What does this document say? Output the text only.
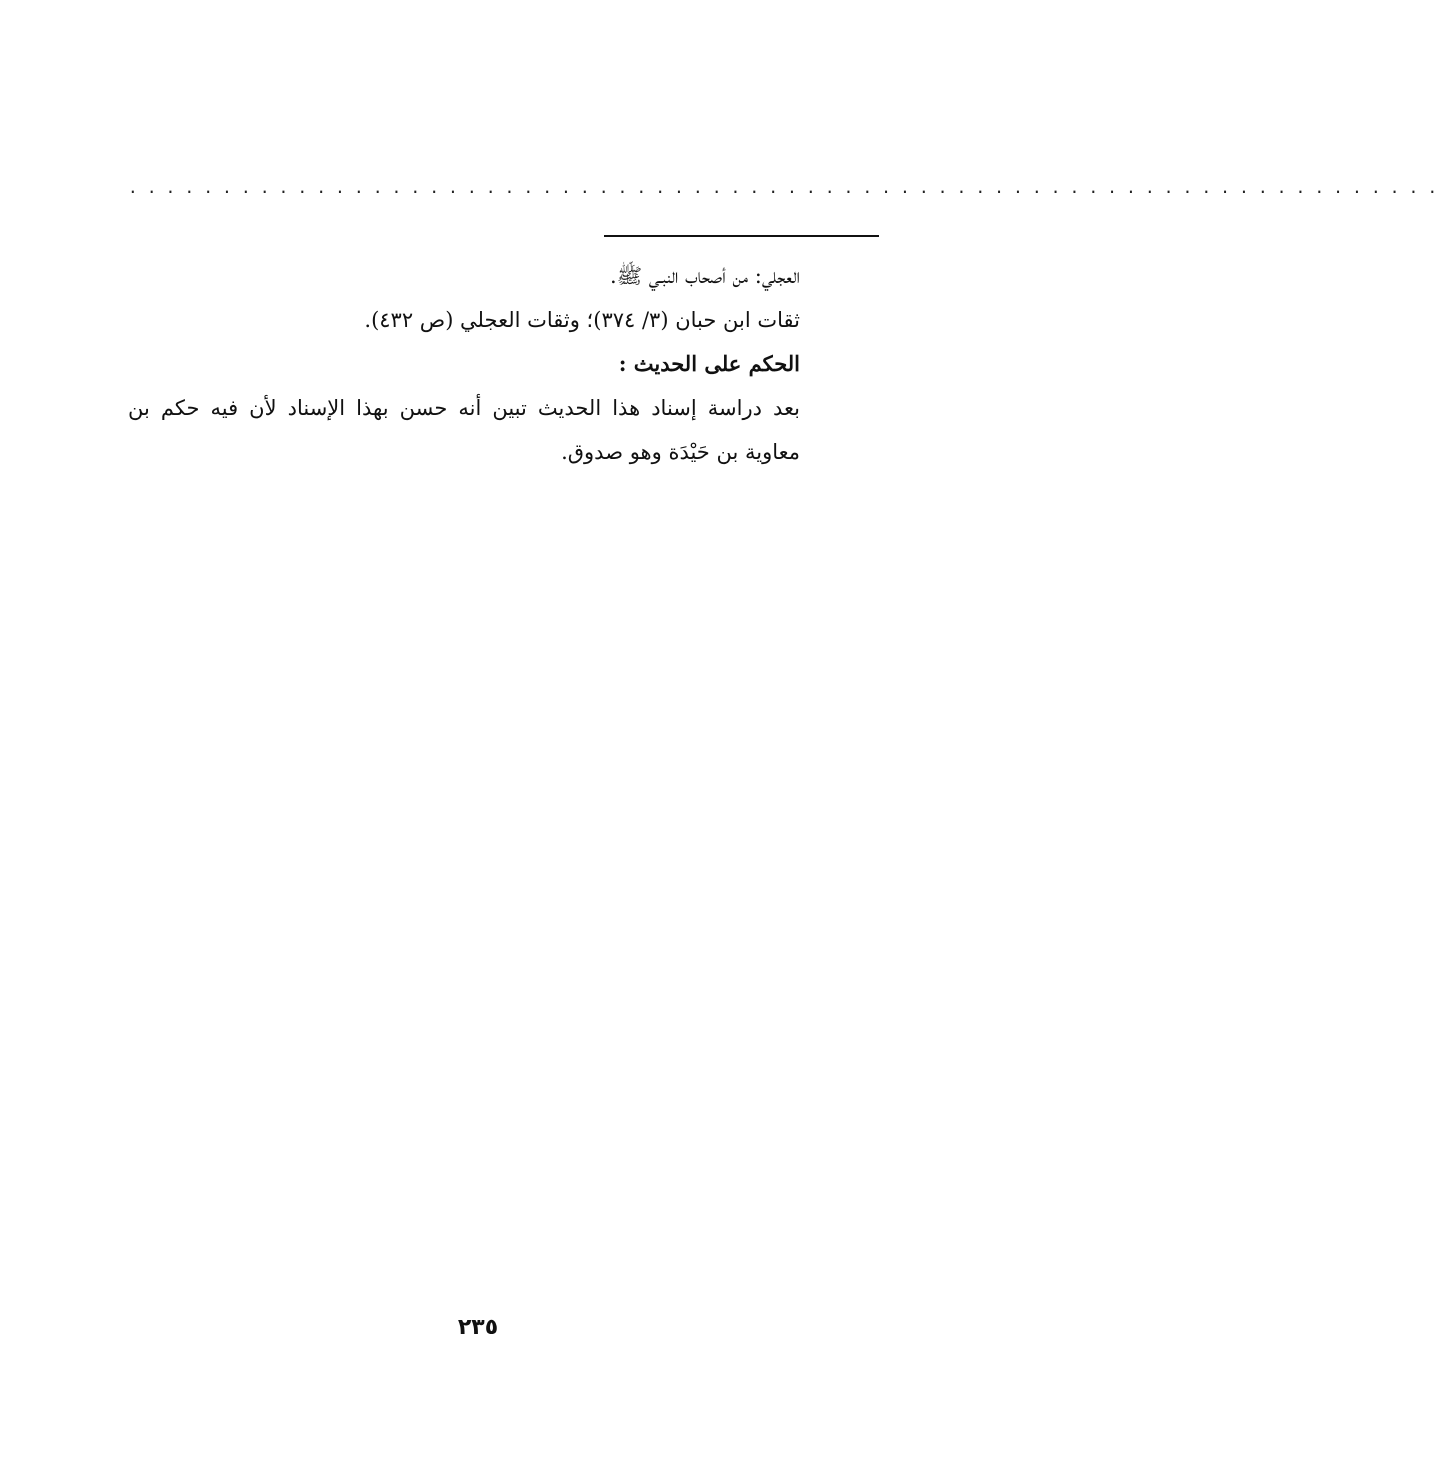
......................................................................

العجلي: من أصحاب النبـي ﷺ.

ثقات ابن حبان (٣/ ٣٧٤)؛ وثقات العجلي (ص ٤٣٢).

الحكم على الحديث :

بعد دراسة إسناد هذا الحديث تبين أنه حسن بهذا الإسناد لأن فيه حكم بن معاوية بن حَيْدَة وهو صدوق.

٢٣٥
